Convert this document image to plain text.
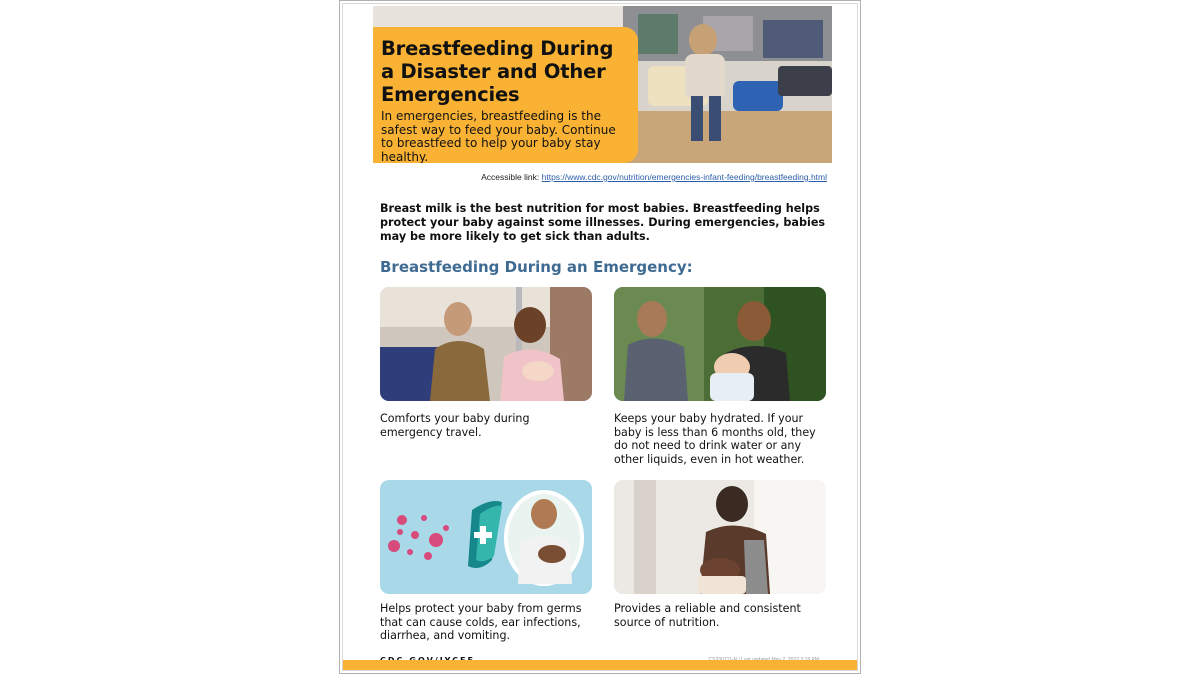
Breastfeeding During a Disaster and Other Emergencies
In emergencies, breastfeeding is the safest way to feed your baby. Continue to breastfeed to help your baby stay healthy.
Accessible link: https://www.cdc.gov/nutrition/emergencies-infant-feeding/breastfeeding.html
Breast milk is the best nutrition for most babies. Breastfeeding helps protect your baby against some illnesses. During emergencies, babies may be more likely to get sick than adults.
Breastfeeding During an Emergency:
Comforts your baby during emergency travel.
Keeps your baby hydrated. If your baby is less than 6 months old, they do not need to drink water or any other liquids, even in hot weather.
Helps protect your baby from germs that can cause colds, ear infections, diarrhea, and vomiting.
Provides a reliable and consistent source of nutrition.
